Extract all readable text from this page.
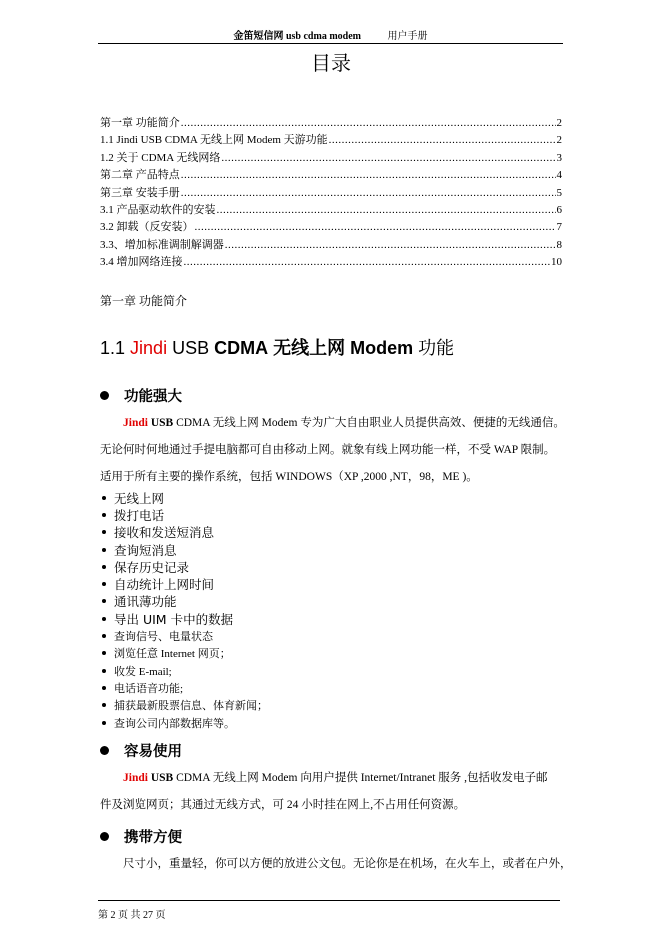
金笛短信网 usb cdma modem	用户手册
目录
第一章 功能简介 .....	2
1.1 Jindi USB CDMA 无线上网 Modem 天游功能 .....	2
1.2 关于 CDMA 无线网络 .....	3
第二章 产品特点 .....	4
第三章 安装手册 .....	5
3.1 产品驱动软件的安装 .....	6
3.2 卸载（反安装） .....	7
3.3、增加标准调制解调器 .....	8
3.4 增加网络连接 .....	10
第一章 功能简介
1.1 Jindi USB CDMA 无线上网 Modem 功能
功能强大

Jindi USB CDMA 无线上网 Modem 专为广大自由职业人员提供高效、便捷的无线通信。

无论何时何地通过手提电脑都可自由移动上网。就象有线上网功能一样，不受 WAP 限制。

适用于所有主要的操作系统，包括 WINDOWS（XP ,2000 ,NT，98，ME )。

无线上网
拨打电话
接收和发送短消息
查询短消息
保存历史记录
自动统计上网时间
通讯薄功能
导出 UIM 卡中的数据
查询信号、电量状态
浏览任意 Internet 网页；
收发 E-mail;
电话语音功能;
捕获最新股票信息、体育新闻；
查询公司内部数据库等。
容易使用

Jindi USB CDMA 无线上网 Modem 向用户提供 Internet/Intranet 服务 ,包括收发电子邮

件及浏览网页；其通过无线方式，可 24 小时挂在网上,不占用任何资源。

携带方便

尺寸小，重量轻，你可以方便的放进公文包。无论你是在机场，在火车上，或者在户外，

第 2 页 共 27 页
